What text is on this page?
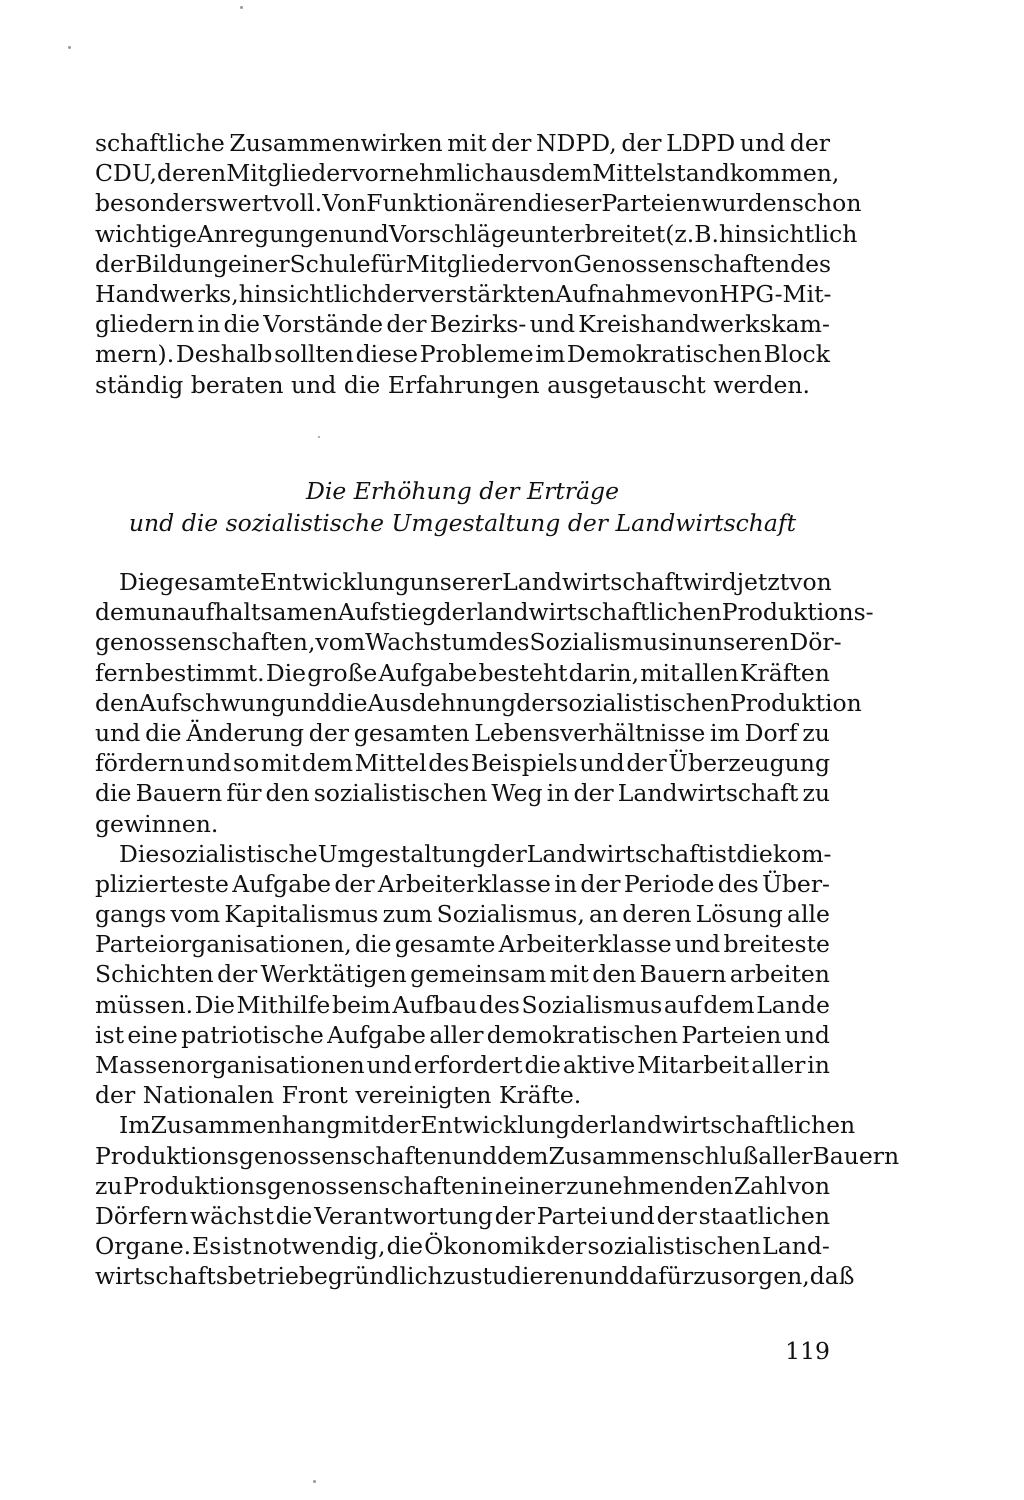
schaftliche Zusammenwirken mit der NDPD, der LDPD und der
CDU, deren Mitglieder vornehmlich aus dem Mittelstand kommen,
besonders wertvoll. Von Funktionären dieser Parteien wurden schon
wichtige Anregungen und Vorschläge unterbreitet (z. B. hinsichtlich
der Bildung einer Schule für Mitglieder von Genossenschaften des
Handwerks, hinsichtlich der verstärkten Aufnahme von HPG-Mit-
gliedern in die Vorstände der Bezirks- und Kreishandwerkskam-
mern). Deshalb sollten diese Probleme im Demokratischen Block
ständig beraten und die Erfahrungen ausgetauscht werden.
Die Erhöhung der Erträge
und die sozialistische Umgestaltung der Landwirtschaft
Die gesamte Entwicklung unserer Landwirtschaft wird jetzt von
dem unaufhaltsamen Aufstieg der landwirtschaftlichen Produktions-
genossenschaften, vom Wachstum des Sozialismus in unseren Dör-
fern bestimmt. Die große Aufgabe besteht darin, mit allen Kräften
den Aufschwung und die Ausdehnung der sozialistischen Produktion
und die Änderung der gesamten Lebensverhältnisse im Dorf zu
fördern und so mit dem Mittel des Beispiels und der Überzeugung
die Bauern für den sozialistischen Weg in der Landwirtschaft zu
gewinnen.
Die sozialistische Umgestaltung der Landwirtschaft ist die kom-
plizierteste Aufgabe der Arbeiterklasse in der Periode des Über-
gangs vom Kapitalismus zum Sozialismus, an deren Lösung alle
Parteiorganisationen, die gesamte Arbeiterklasse und breiteste
Schichten der Werktätigen gemeinsam mit den Bauern arbeiten
müssen. Die Mithilfe beim Aufbau des Sozialismus auf dem Lande
ist eine patriotische Aufgabe aller demokratischen Parteien und
Massenorganisationen und erfordert die aktive Mitarbeit aller in
der Nationalen Front vereinigten Kräfte.
Im Zusammenhang mit der Entwicklung der landwirtschaftlichen
Produktionsgenossenschaften und dem Zusammenschluß aller Bauern
zu Produktionsgenossenschaften in einer zunehmenden Zahl von
Dörfern wächst die Verantwortung der Partei und der staatlichen
Organe. Es ist notwendig, die Ökonomik der sozialistischen Land-
wirtschaftsbetriebe gründlich zu studieren und dafür zu sorgen, daß
119
